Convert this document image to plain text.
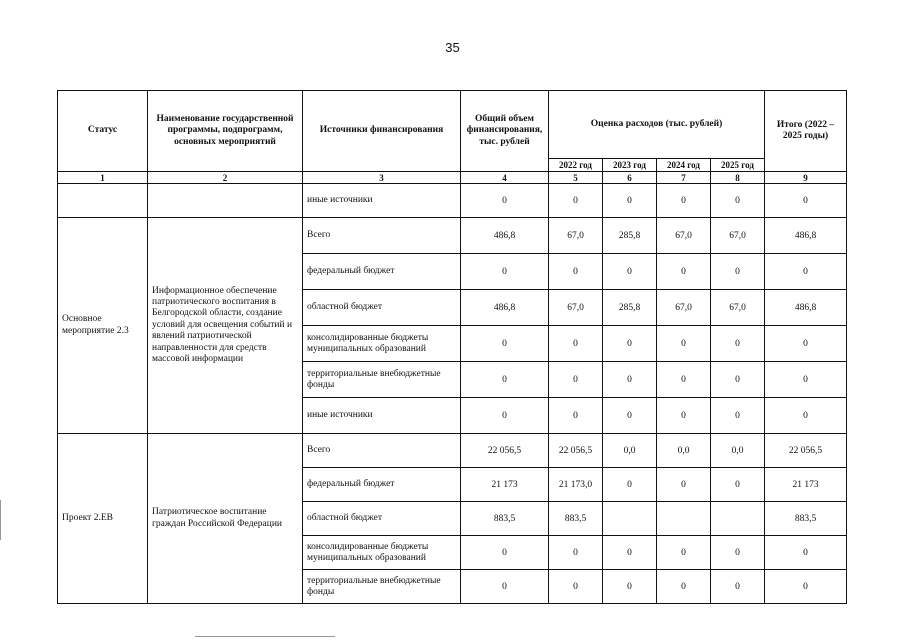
35
Статус	Наименование государственной программы, подпрограмм, основных мероприятий	Источники финансирования	Общий объем финансирования, тыс. рублей	Оценка расходов (тыс. рублей)				Итого (2022 – 2025 годы)
				2022 год	2023 год	2024 год	2025 год	
1	2	3	4	5	6	7	8	9
		иные источники	0	0	0	0	0	0
Основное мероприятие 2.3	Информационное обеспечение патриотического воспитания в Белгородской области, создание условий для освещения событий и явлений патриотической направленности для средств массовой информации	Всего	486,8	67,0	285,8	67,0	67,0	486,8
		федеральный бюджет	0	0	0	0	0	0
		областной бюджет	486,8	67,0	285,8	67,0	67,0	486,8
		консолидированные бюджеты муниципальных образований	0	0	0	0	0	0
		территориальные внебюджетные фонды	0	0	0	0	0	0
		иные источники	0	0	0	0	0	0
Проект 2.ЕВ	Патриотическое воспитание граждан Российской Федерации	Всего	22 056,5	22 056,5	0,0	0,0	0,0	22 056,5
		федеральный бюджет	21 173	21 173,0	0	0	0	21 173
		областной бюджет	883,5	883,5				883,5
		консолидированные бюджеты муниципальных образований	0	0	0	0	0	0
		территориальные внебюджетные фонды	0	0	0	0	0	0
